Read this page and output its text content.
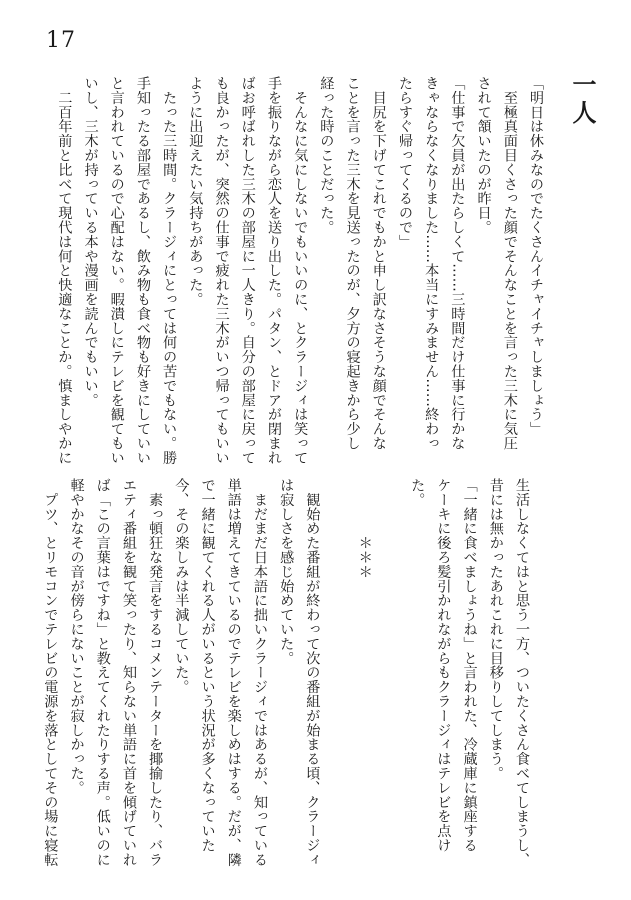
17
一人
「明日は休みなのでたくさんイチャイチャしましょう」
　至極真面目くさった顔でそんなことを言った三木に気圧
されて頷いたのが昨日。
「仕事で欠員が出たらしくて……三時間だけ仕事に行かな
きゃならなくなりました……本当にすみません……終わっ
たらすぐ帰ってくるので」
　目尻を下げてこれでもかと申し訳なさそうな顔でそんな
ことを言った三木を見送ったのが、夕方の寝起きから少し
経った時のことだった。
　そんなに気にしないでもいいのに、とクラージィは笑って
手を振りながら恋人を送り出した。パタン、とドアが閉まれ
ばお呼ばれした三木の部屋に一人きり。自分の部屋に戻って
も良かったが、突然の仕事で疲れた三木がいつ帰ってもいい
ように出迎えたい気持ちがあった。
　たった三時間。クラージィにとっては何の苦でもない。勝
手知ったる部屋であるし、飲み物も食べ物も好きにしていい
と言われているので心配はない。暇潰しにテレビを観てもい
いし、三木が持っている本や漫画を読んでもいい。
　二百年前と比べて現代は何と快適なことか。慎ましやかに
生活しなくてはと思う一方、ついたくさん食べてしまうし、
昔には無かったあれこれに目移りしてしまう。
「一緒に食べましょうね」と言われた、冷蔵庫に鎮座する
ケーキに後ろ髪引かれながらもクラージィはテレビを点け
た。

　　　　＊＊＊

　観始めた番組が終わって次の番組が始まる頃、クラージィ
は寂しさを感じ始めていた。
　まだまだ日本語に拙いクラージィではあるが、知っている
単語は増えてきているのでテレビを楽しめはする。だが、隣
で一緒に観てくれる人がいるという状況が多くなっていた
今、その楽しみは半減していた。
　素っ頓狂な発言をするコメンテーターを揶揄したり、バラ
エティ番組を観て笑ったり、知らない単語に首を傾げていれ
ば「この言葉はですね」と教えてくれたりする声。低いのに
軽やかなその音が傍らにないことが寂しかった。
　プツ、とリモコンでテレビの電源を落としてその場に寝転
